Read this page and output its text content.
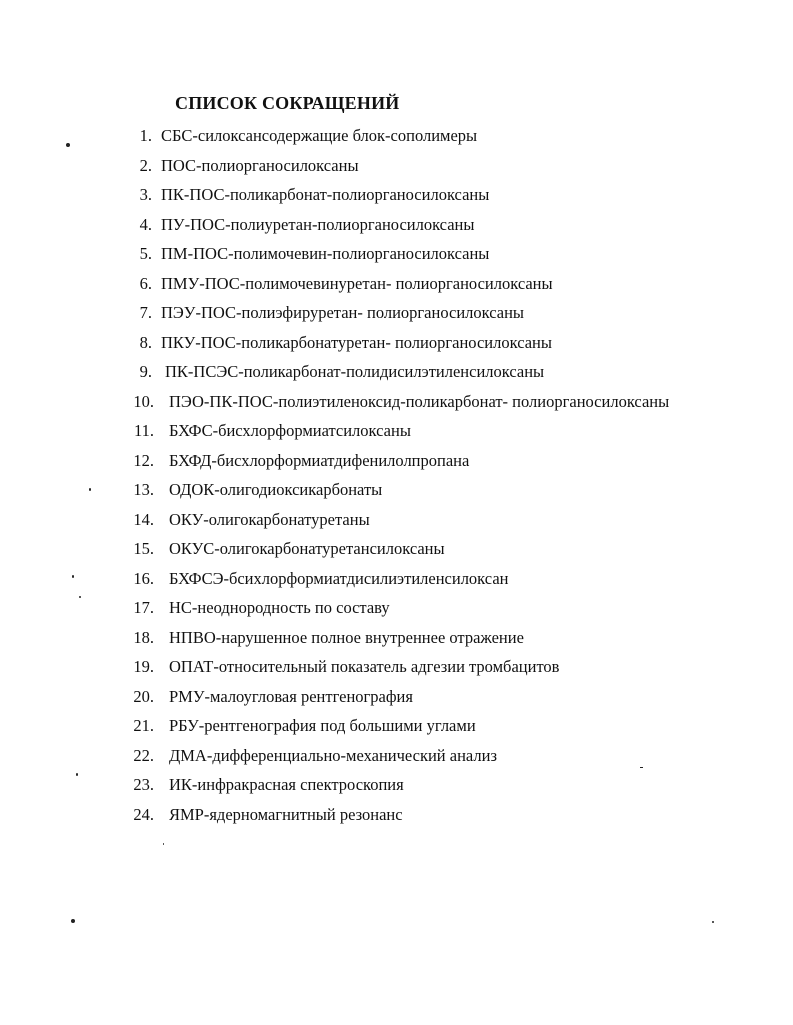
СПИСОК СОКРАЩЕНИЙ
1. СБС-силоксансодержащие блок-сополимеры
2. ПОС-полиорганосилоксаны
3. ПК-ПОС-поликарбонат-полиорганосилоксаны
4. ПУ-ПОС-полиуретан-полиорганосилоксаны
5. ПМ-ПОС-полимочевин-полиорганосилоксаны
6. ПМУ-ПОС-полимочевинуретан- полиорганосилоксаны
7. ПЭУ-ПОС-полиэфируретан- полиорганосилоксаны
8. ПКУ-ПОС-поликарбонатуретан- полиорганосилоксаны
9. ПК-ПСЭС-поликарбонат-полидисилэтиленсилоксаны
10. ПЭО-ПК-ПОС-полиэтиленоксид-поликарбонат- полиорганосилоксаны
11. БХФС-бисхлорформиатсилоксаны
12. БХФД-бисхлорформиатдифенилолпропана
13. ОДОК-олигодиоксикарбонаты
14. ОКУ-олигокарбонатуретаны
15. ОКУС-олигокарбонатуретансилоксаны
16. БХФСЭ-бсихлорформиатдисилиэтиленсилоксан
17. НС-неоднородность по составу
18. НПВО-нарушенное полное внутреннее отражение
19. ОПАТ-относительный показатель адгезии тромбацитов
20. РМУ-малоугловая рентгенография
21. РБУ-рентгенография под большими углами
22. ДМА-дифференциально-механический анализ
23. ИК-инфракрасная спектроскопия
24. ЯМР-ядерномагнитный резонанс
